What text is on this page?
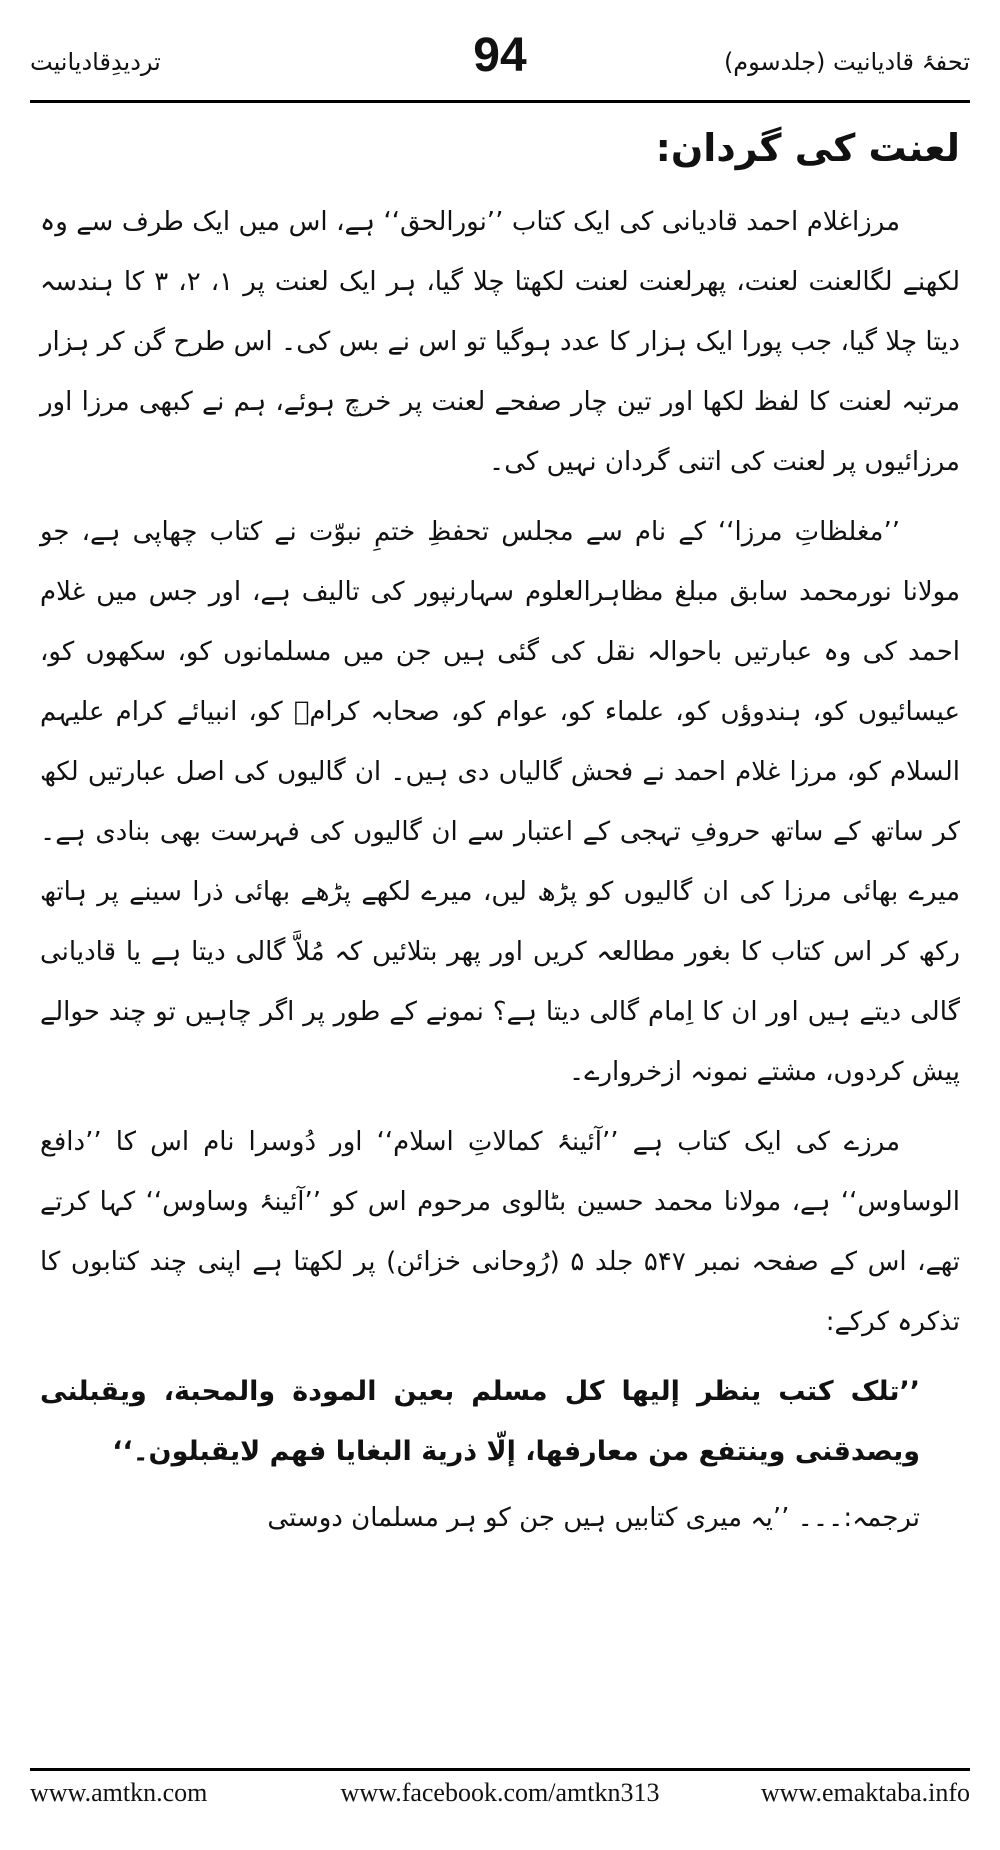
تردیدِقادیانیت	94	تحفۂ قادیانیت (جلدسوم)
لعنت کی گردان:

مرزاغلام احمد قادیانی کی ایک کتاب ’’نورالحق‘‘ ہے، اس میں ایک طرف سے وہ لکھنے لگالعنت لعنت، پھرلعنت لعنت لکھتا چلا گیا، ہر ایک لعنت پر ۱، ۲، ۳ کا ہندسہ دیتا چلا گیا، جب پورا ایک ہزار کا عدد ہوگیا تو اس نے بس کی۔ اس طرح گن کر ہزار مرتبہ لعنت کا لفظ لکھا اور تین چار صفحے لعنت پر خرچ ہوئے، ہم نے کبھی مرزا اور مرزائیوں پر لعنت کی اتنی گردان نہیں کی۔

’’مغلظاتِ مرزا‘‘ کے نام سے مجلس تحفظِ ختمِ نبوّت نے کتاب چھاپی ہے، جو مولانا نورمحمد سابق مبلغ مظاہرالعلوم سہارنپور کی تالیف ہے، اور جس میں غلام احمد کی وہ عبارتیں باحوالہ نقل کی گئی ہیں جن میں مسلمانوں کو، سکھوں کو، عیسائیوں کو، ہندوؤں کو، علماء کو، عوام کو، صحابہ کرامؓ کو، انبیائے کرام علیہم السلام کو، مرزا غلام احمد نے فحش گالیاں دی ہیں۔ ان گالیوں کی اصل عبارتیں لکھ کر ساتھ کے ساتھ حروفِ تہجی کے اعتبار سے ان گالیوں کی فہرست بھی بنادی ہے۔ میرے بھائی مرزا کی ان گالیوں کو پڑھ لیں، میرے لکھے پڑھے بھائی ذرا سینے پر ہاتھ رکھ کر اس کتاب کا بغور مطالعہ کریں اور پھر بتلائیں کہ مُلاَّ گالی دیتا ہے یا قادیانی گالی دیتے ہیں اور ان کا اِمام گالی دیتا ہے؟ نمونے کے طور پر اگر چاہیں تو چند حوالے پیش کردوں، مشتے نمونہ ازخروارے۔

مرزے کی ایک کتاب ہے ’’آئینۂ کمالاتِ اسلام‘‘ اور دُوسرا نام اس کا ’’دافع الوساوس‘‘ ہے، مولانا محمد حسین بٹالوی مرحوم اس کو ’’آئینۂ وساوس‘‘ کہا کرتے تھے، اس کے صفحہ نمبر ۵۴۷ جلد ۵ (رُوحانی خزائن) پر لکھتا ہے اپنی چند کتابوں کا تذکرہ کرکے:

’’تلک کتب ینظر إلیھا کل مسلم بعین المودة والمحبة، ویقبلنی ویصدقنی وینتفع من معارفھا، إلّا ذریة البغایا فھم لایقبلون۔‘‘

ترجمہ:۔۔۔ ’’یہ میری کتابیں ہیں جن کو ہر مسلمان دوستی

www.amtkn.com	www.facebook.com/amtkn313	www.emaktaba.info
